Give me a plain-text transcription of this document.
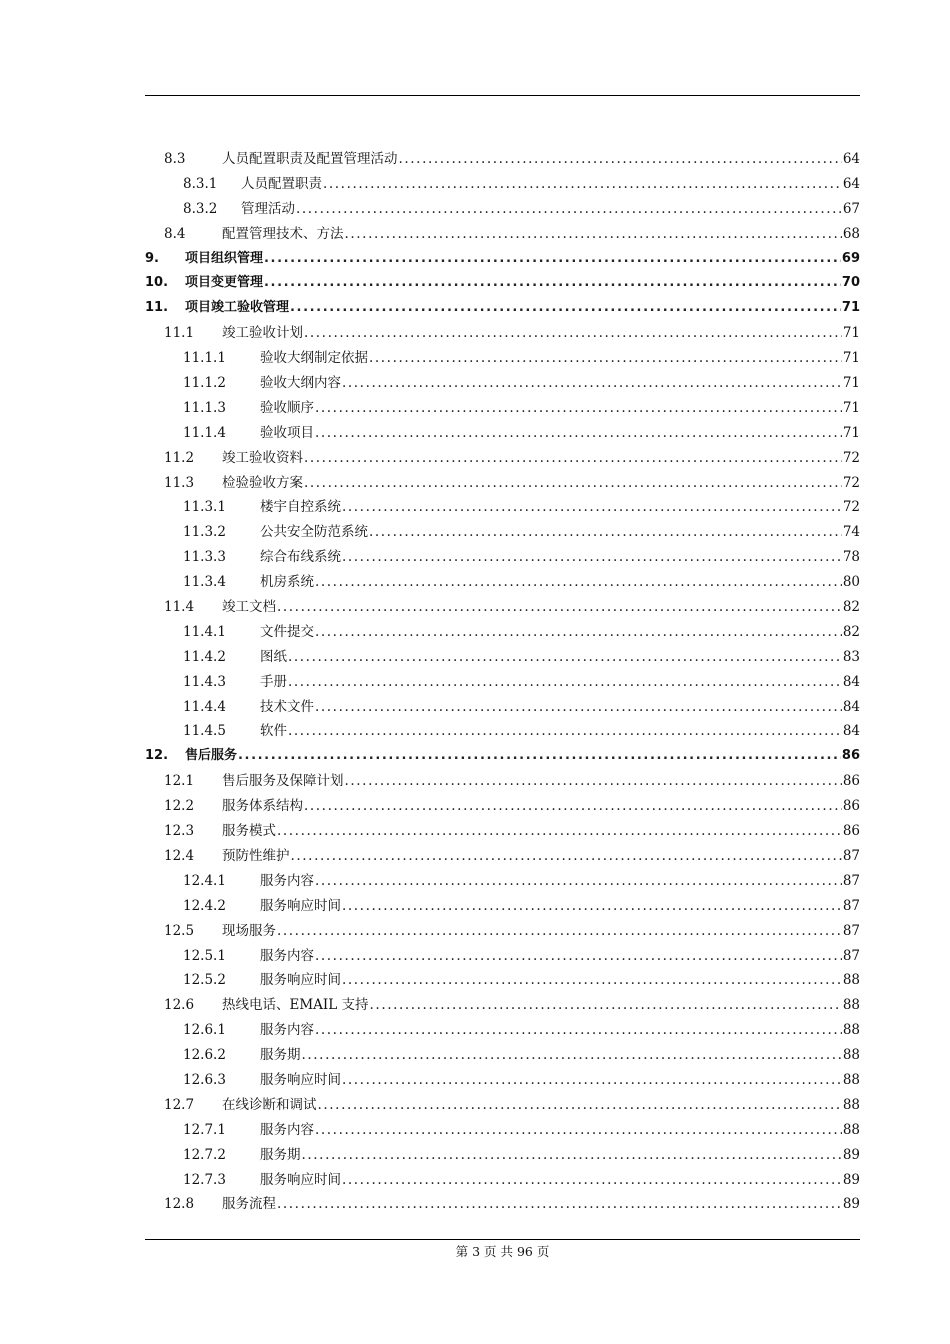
8.3	人员配置职责及配置管理活动 .....	64
8.3.1	人员配置职责 .....	64
8.3.2	管理活动 .....	67
8.4	配置管理技术、方法 .....	68
9.	项目组织管理 .....	69
10.	项目变更管理 .....	70
11.	项目竣工验收管理 .....	71
11.1	竣工验收计划 .....	71
11.1.1	验收大纲制定依据 .....	71
11.1.2	验收大纲内容 .....	71
11.1.3	验收顺序 .....	71
11.1.4	验收项目 .....	71
11.2	竣工验收资料 .....	72
11.3	检验验收方案 .....	72
11.3.1	楼宇自控系统 .....	72
11.3.2	公共安全防范系统 .....	74
11.3.3	综合布线系统 .....	78
11.3.4	机房系统 .....	80
11.4	竣工文档 .....	82
11.4.1	文件提交 .....	82
11.4.2	图纸 .....	83
11.4.3	手册 .....	84
11.4.4	技术文件 .....	84
11.4.5	软件 .....	84
12.	售后服务 .....	86
12.1	售后服务及保障计划 .....	86
12.2	服务体系结构 .....	86
12.3	服务模式 .....	86
12.4	预防性维护 .....	87
12.4.1	服务内容 .....	87
12.4.2	服务响应时间 .....	87
12.5	现场服务 .....	87
12.5.1	服务内容 .....	87
12.5.2	服务响应时间 .....	88
12.6	热线电话、EMAIL 支持 .....	88
12.6.1	服务内容 .....	88
12.6.2	服务期 .....	88
12.6.3	服务响应时间 .....	88
12.7	在线诊断和调试 .....	88
12.7.1	服务内容 .....	88
12.7.2	服务期 .....	89
12.7.3	服务响应时间 .....	89
12.8	服务流程 .....	89
第 3 页 共 96 页
